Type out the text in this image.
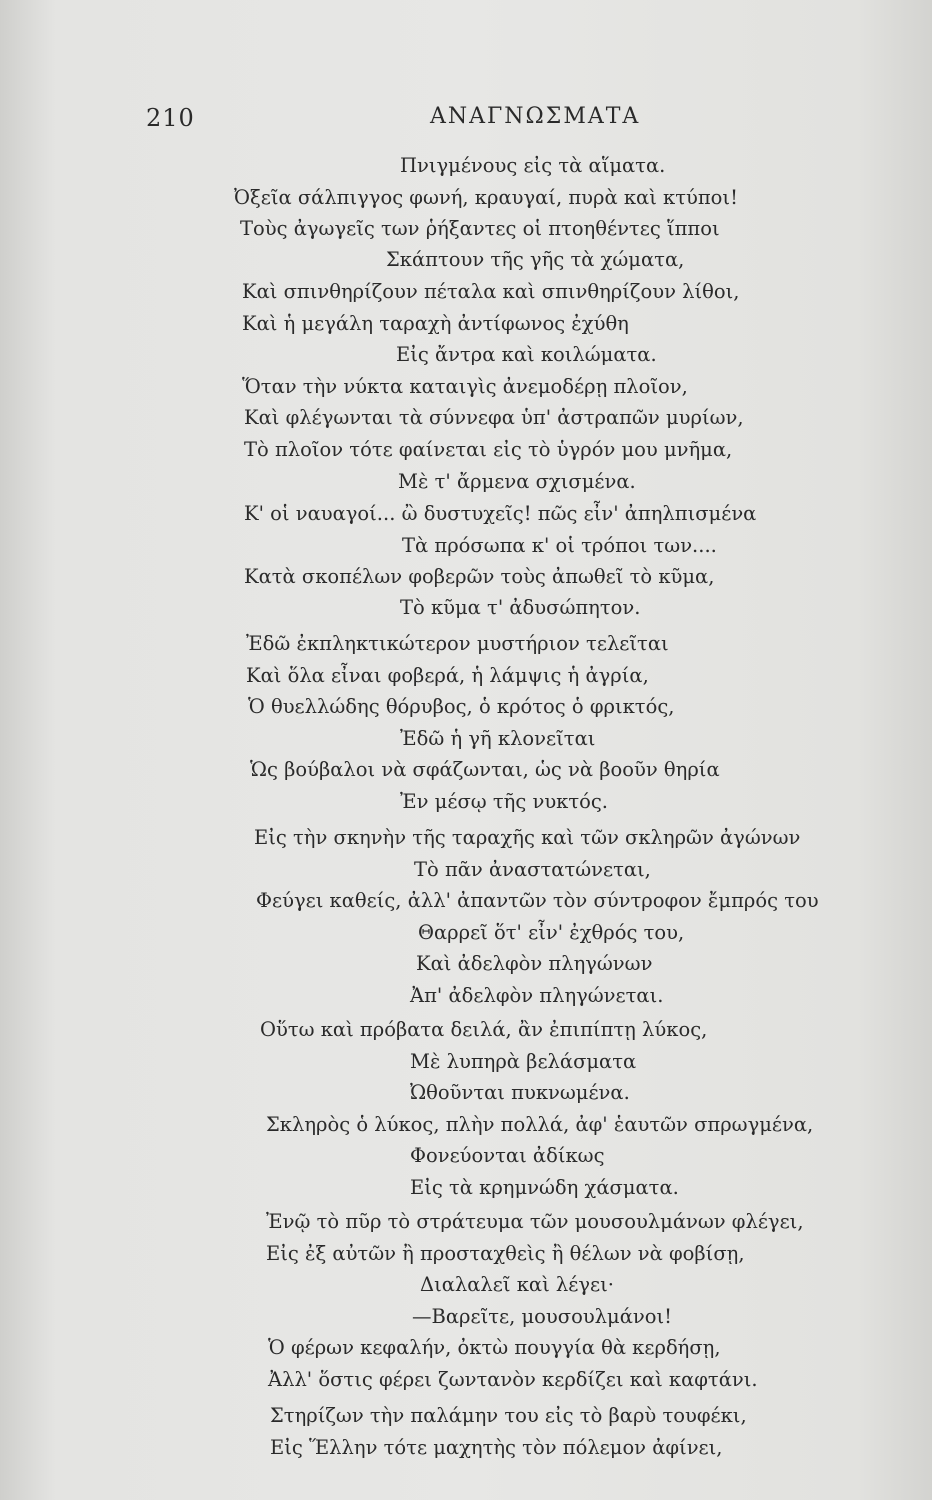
210	ΑΝΑΓΝΩΣΜΑΤΑ
Πνιγμένους εἰς τὰ αἵματα.
Ὀξεῖα σάλπιγγος φωνή, κραυγαί, πυρὰ καὶ κτύποι!
Τοὺς ἀγωγεῖς των ῥήξαντες οἱ πτοηθέντες ἵπποι
Σκάπτουν τῆς γῆς τὰ χώματα,
Καὶ σπινθηρίζουν πέταλα καὶ σπινθηρίζουν λίθοι,
Καὶ ἡ μεγάλη ταραχὴ ἀντίφωνος ἐχύθη
Εἰς ἄντρα καὶ κοιλώματα.
Ὅταν τὴν νύκτα καταιγὶς ἀνεμοδέρῃ πλοῖον,
Καὶ φλέγωνται τὰ σύννεφα ὑπ' ἀστραπῶν μυρίων,
Τὸ πλοῖον τότε φαίνεται εἰς τὸ ὑγρόν μου μνῆμα,
Μὲ τ' ἄρμενα σχισμένα.
Κ' οἱ ναυαγοί... ὢ δυστυχεῖς! πῶς εἶν' ἀπηλπισμένα
Τὰ πρόσωπα κ' οἱ τρόποι των....
Κατὰ σκοπέλων φοβερῶν τοὺς ἀπωθεῖ τὸ κῦμα,
Τὸ κῦμα τ' ἀδυσώπητον.
Ἐδῶ ἐκπληκτικώτερον μυστήριον τελεῖται
Καὶ ὅλα εἶναι φοβερά, ἡ λάμψις ἡ ἀγρία,
Ὁ θυελλώδης θόρυβος, ὁ κρότος ὁ φρικτός,
Ἐδῶ ἡ γῆ κλονεῖται
Ὡς βούβαλοι νὰ σφάζωνται, ὡς νὰ βοοῦν θηρία
Ἐν μέσῳ τῆς νυκτός.
Εἰς τὴν σκηνὴν τῆς ταραχῆς καὶ τῶν σκληρῶν ἀγώνων
Τὸ πᾶν ἀναστατώνεται,
Φεύγει καθείς, ἀλλ' ἀπαντῶν τὸν σύντροφον ἔμπρός του
Θαρρεῖ ὅτ' εἶν' ἐχθρός του,
Καὶ ἀδελφὸν πληγώνων
Ἀπ' ἀδελφὸν πληγώνεται.
Οὕτω καὶ πρόβατα δειλά, ἂν ἐπιπίπτῃ λύκος,
Μὲ λυπηρὰ βελάσματα
Ὠθοῦνται πυκνωμένα.
Σκληρὸς ὁ λύκος, πλὴν πολλά, ἀφ' ἑαυτῶν σπρωγμένα,
Φονεύονται ἀδίκως
Εἰς τὰ κρημνώδη χάσματα.
Ἐνῷ τὸ πῦρ τὸ στράτευμα τῶν μουσουλμάνων φλέγει,
Εἰς ἐξ αὐτῶν ἢ προσταχθεὶς ἢ θέλων νὰ φοβίσῃ,
Διαλαλεῖ καὶ λέγει·
—Βαρεῖτε, μουσουλμάνοι!
Ὁ φέρων κεφαλήν, ὀκτὼ πουγγία θὰ κερδήσῃ,
Ἀλλ' ὅστις φέρει ζωντανὸν κερδίζει καὶ καφτάνι.
Στηρίζων τὴν παλάμην του εἰς τὸ βαρὺ τουφέκι,
Εἰς Ἕλλην τότε μαχητὴς τὸν πόλεμον ἀφίνει,
